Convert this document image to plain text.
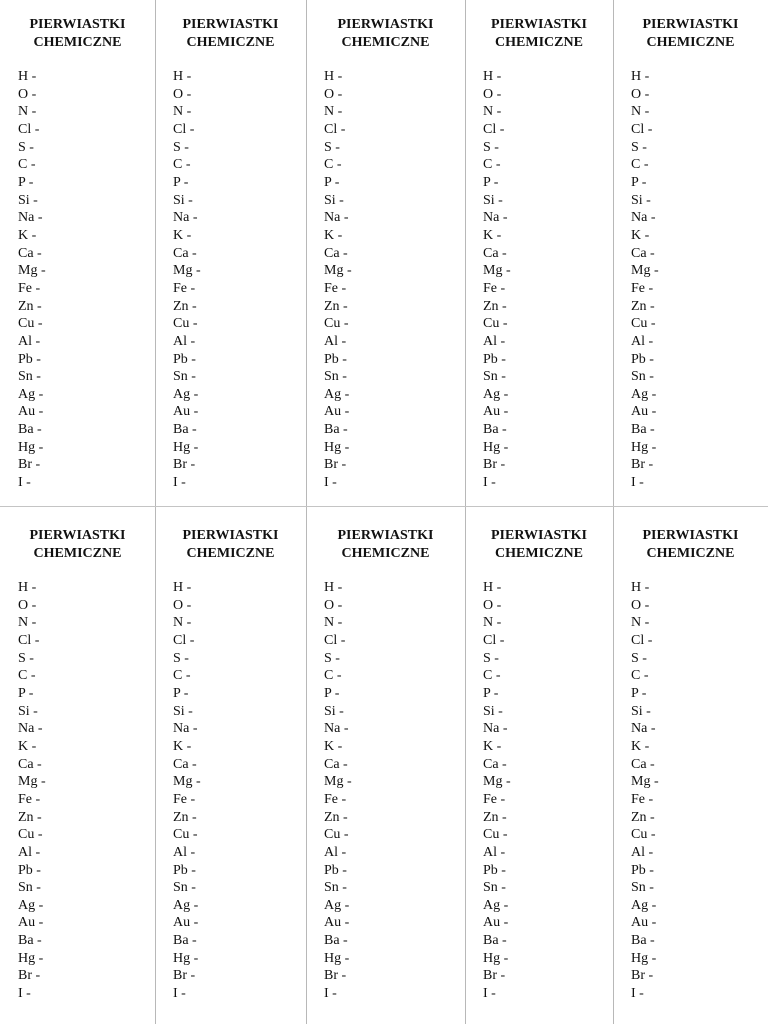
PIERWIASTKI
CHEMICZNE
H -
O -
N -
Cl -
S -
C -
P -
Si -
Na -
K -
Ca -
Mg -
Fe -
Zn -
Cu -
Al -
Pb -
Sn -
Ag -
Au -
Ba -
Hg -
Br -
I -
PIERWIASTKI
CHEMICZNE
H -
O -
N -
Cl -
S -
C -
P -
Si -
Na -
K -
Ca -
Mg -
Fe -
Zn -
Cu -
Al -
Pb -
Sn -
Ag -
Au -
Ba -
Hg -
Br -
I -
PIERWIASTKI
CHEMICZNE
H -
O -
N -
Cl -
S -
C -
P -
Si -
Na -
K -
Ca -
Mg -
Fe -
Zn -
Cu -
Al -
Pb -
Sn -
Ag -
Au -
Ba -
Hg -
Br -
I -
PIERWIASTKI
CHEMICZNE
H -
O -
N -
Cl -
S -
C -
P -
Si -
Na -
K -
Ca -
Mg -
Fe -
Zn -
Cu -
Al -
Pb -
Sn -
Ag -
Au -
Ba -
Hg -
Br -
I -
PIERWIASTKI
CHEMICZNE
H -
O -
N -
Cl -
S -
C -
P -
Si -
Na -
K -
Ca -
Mg -
Fe -
Zn -
Cu -
Al -
Pb -
Sn -
Ag -
Au -
Ba -
Hg -
Br -
I -
PIERWIASTKI
CHEMICZNE
H -
O -
N -
Cl -
S -
C -
P -
Si -
Na -
K -
Ca -
Mg -
Fe -
Zn -
Cu -
Al -
Pb -
Sn -
Ag -
Au -
Ba -
Hg -
Br -
I -
PIERWIASTKI
CHEMICZNE
H -
O -
N -
Cl -
S -
C -
P -
Si -
Na -
K -
Ca -
Mg -
Fe -
Zn -
Cu -
Al -
Pb -
Sn -
Ag -
Au -
Ba -
Hg -
Br -
I -
PIERWIASTKI
CHEMICZNE
H -
O -
N -
Cl -
S -
C -
P -
Si -
Na -
K -
Ca -
Mg -
Fe -
Zn -
Cu -
Al -
Pb -
Sn -
Ag -
Au -
Ba -
Hg -
Br -
I -
PIERWIASTKI
CHEMICZNE
H -
O -
N -
Cl -
S -
C -
P -
Si -
Na -
K -
Ca -
Mg -
Fe -
Zn -
Cu -
Al -
Pb -
Sn -
Ag -
Au -
Ba -
Hg -
Br -
I -
PIERWIASTKI
CHEMICZNE
H -
O -
N -
Cl -
S -
C -
P -
Si -
Na -
K -
Ca -
Mg -
Fe -
Zn -
Cu -
Al -
Pb -
Sn -
Ag -
Au -
Ba -
Hg -
Br -
I -
